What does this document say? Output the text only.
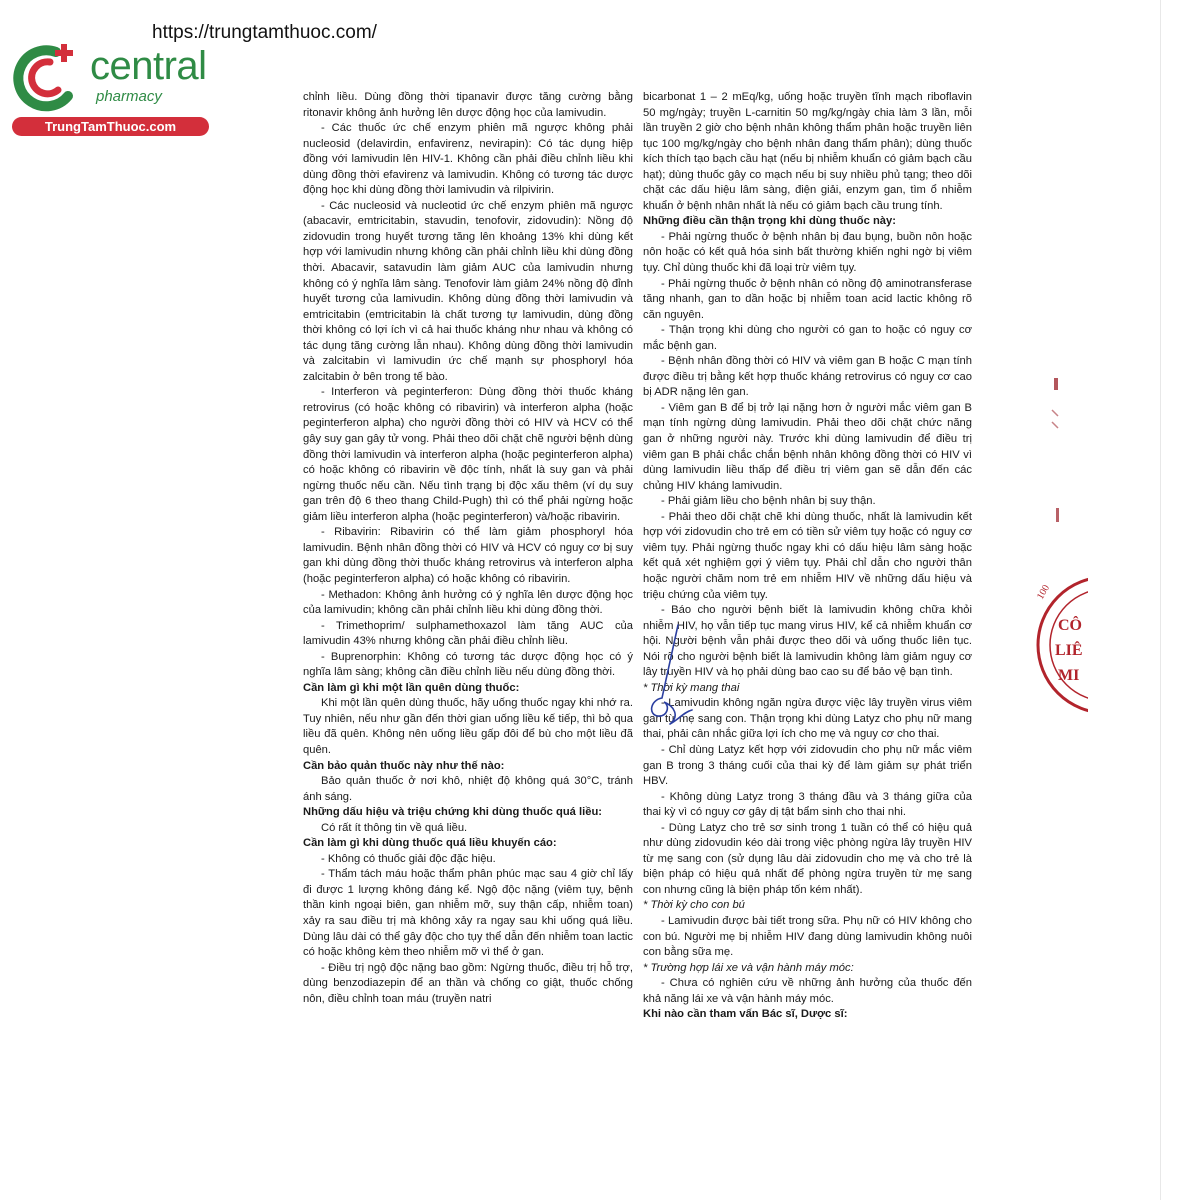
https://trungtamthuoc.com/
central
pharmacy
TrungTamThuoc.com

chỉnh liều. Dùng đồng thời tipanavir được tăng cường bằng ritonavir không ảnh hưởng lên dược động học của lamivudin.

- Các thuốc ức chế enzym phiên mã ngược không phải nucleosid (delavirdin, enfavirenz, nevirapin): Có tác dụng hiệp đồng với lamivudin lên HIV-1. Không cần phải điều chỉnh liều khi dùng đồng thời efavirenz và lamivudin. Không có tương tác dược động học khi dùng đồng thời lamivudin và rilpivirin.

- Các nucleosid và nucleotid ức chế enzym phiên mã ngược (abacavir, emtricitabin, stavudin, tenofovir, zidovudin): Nồng độ zidovudin trong huyết tương tăng lên khoảng 13% khi dùng kết hợp với lamivudin nhưng không cần phải chỉnh liều khi dùng đồng thời. Abacavir, satavudin làm giảm AUC của lamivudin nhưng không có ý nghĩa lâm sàng. Tenofovir làm giảm 24% nồng độ đỉnh huyết tương của lamivudin. Không dùng đồng thời lamivudin và emtricitabin (emtricitabin là chất tương tự lamivudin, dùng đồng thời không có lợi ích vì cả hai thuốc kháng như nhau và không có tác dụng tăng cường lẫn nhau). Không dùng đồng thời lamivudin và zalcitabin vì lamivudin ức chế mạnh sự phosphoryl hóa zalcitabin ở bên trong tế bào.

- Interferon và peginterferon: Dùng đồng thời thuốc kháng retrovirus (có hoặc không có ribavirin) và interferon alpha (hoặc peginterferon alpha) cho người đồng thời có HIV và HCV có thể gây suy gan gây tử vong. Phải theo dõi chặt chẽ người bệnh dùng đồng thời lamivudin và interferon alpha (hoặc peginterferon alpha) có hoặc không có ribavirin về độc tính, nhất là suy gan và phải ngừng thuốc nếu cần. Nếu tình trạng bị độc xấu thêm (ví dụ suy gan trên độ 6 theo thang Child-Pugh) thì có thể phải ngừng hoặc giảm liều interferon alpha (hoặc peginterferon) và/hoặc ribavirin.

- Ribavirin: Ribavirin có thể làm giảm phosphoryl hóa lamivudin. Bệnh nhân đồng thời có HIV và HCV có nguy cơ bị suy gan khi dùng đồng thời thuốc kháng retrovirus và interferon alpha (hoặc peginterferon alpha) có hoặc không có ribavirin.

- Methadon: Không ảnh hưởng có ý nghĩa lên dược động học của lamivudin; không cần phải chỉnh liều khi dùng đồng thời.

- Trimethoprim/ sulphamethoxazol làm tăng AUC của lamivudin 43% nhưng không cần phải điều chỉnh liều.

- Buprenorphin: Không có tương tác dược động học có ý nghĩa lâm sàng; không cần điều chỉnh liều nếu dùng đồng thời.

Cần làm gì khi một lần quên dùng thuốc:

Khi một lần quên dùng thuốc, hãy uống thuốc ngay khi nhớ ra. Tuy nhiên, nếu như gần đến thời gian uống liều kế tiếp, thì bỏ qua liều đã quên. Không nên uống liều gấp đôi để bù cho một liều đã quên.

Cần bảo quản thuốc này như thế nào:

Bảo quản thuốc ở nơi khô, nhiệt độ không quá 30°C, tránh ánh sáng.

Những dấu hiệu và triệu chứng khi dùng thuốc quá liều:

Có rất ít thông tin về quá liều.

Cần làm gì khi dùng thuốc quá liều khuyến cáo:

- Không có thuốc giải độc đặc hiệu.

- Thẩm tách máu hoặc thẩm phân phúc mạc sau 4 giờ chỉ lấy đi được 1 lượng không đáng kể. Ngộ độc nặng (viêm tụy, bệnh thần kinh ngoại biên, gan nhiễm mỡ, suy thận cấp, nhiễm toan) xảy ra sau điều trị mà không xảy ra ngay sau khi uống quá liều. Dùng lâu dài có thể gây độc cho tụy thể dẫn đến nhiễm toan lactic có hoặc không kèm theo nhiễm mỡ vì thể ở gan.

- Điều trị ngộ độc nặng bao gồm: Ngừng thuốc, điều trị hỗ trợ, dùng benzodiazepin để an thần và chống co giật, thuốc chống nôn, điều chỉnh toan máu (truyền natri

bicarbonat 1 – 2 mEq/kg, uống hoặc truyền tĩnh mạch riboflavin 50 mg/ngày; truyền L-carnitin 50 mg/kg/ngày chia làm 3 lần, mỗi lần truyền 2 giờ cho bệnh nhân không thẩm phân hoặc truyền liên tục 100 mg/kg/ngày cho bệnh nhân đang thẩm phân); dùng thuốc kích thích tạo bạch cầu hạt (nếu bị nhiễm khuẩn có giảm bạch cầu hạt); dùng thuốc gây co mạch nếu bị suy nhiều phủ tạng; theo dõi chặt các dấu hiệu lâm sàng, điện giải, enzym gan, tìm ổ nhiễm khuẩn ở bệnh nhân nhất là nếu có giảm bạch cầu trung tính.

Những điều cần thận trọng khi dùng thuốc này:

- Phải ngừng thuốc ở bệnh nhân bị đau bụng, buồn nôn hoặc nôn hoặc có kết quả hóa sinh bất thường khiến nghi ngờ bị viêm tụy. Chỉ dùng thuốc khi đã loại trừ viêm tụy.

- Phải ngừng thuốc ở bệnh nhân có nồng độ aminotransferase tăng nhanh, gan to dần hoặc bị nhiễm toan acid lactic không rõ căn nguyên.

- Thận trọng khi dùng cho người có gan to hoặc có nguy cơ mắc bệnh gan.

- Bệnh nhân đồng thời có HIV và viêm gan B hoặc C mạn tính được điều trị bằng kết hợp thuốc kháng retrovirus có nguy cơ cao bị ADR nặng lên gan.

- Viêm gan B để bị trở lại nặng hơn ở người mắc viêm gan B mạn tính ngừng dùng lamivudin. Phải theo dõi chặt chức năng gan ở những người này. Trước khi dùng lamivudin để điều trị viêm gan B phải chắc chắn bệnh nhân không đồng thời có HIV vì dùng lamivudin liều thấp để điều trị viêm gan sẽ dẫn đến các chủng HIV kháng lamivudin.

- Phải giảm liều cho bệnh nhân bị suy thận.

- Phải theo dõi chặt chẽ khi dùng thuốc, nhất là lamivudin kết hợp với zidovudin cho trẻ em có tiền sử viêm tụy hoặc có nguy cơ viêm tụy. Phải ngừng thuốc ngay khi có dấu hiệu lâm sàng hoặc kết quả xét nghiệm gợi ý viêm tụy. Phải chỉ dẫn cho người thân hoặc người chăm nom trẻ em nhiễm HIV về những dấu hiệu và triệu chứng của viêm tụy.

- Báo cho người bệnh biết là lamivudin không chữa khỏi nhiễm HIV, họ vẫn tiếp tục mang virus HIV, kể cả nhiễm khuẩn cơ hội. Người bệnh vẫn phải được theo dõi và uống thuốc liên tục. Nói rõ cho người bệnh biết là lamivudin không làm giảm nguy cơ lây truyền HIV và họ phải dùng bao cao su để bảo vệ bạn tình.

* Thời kỳ mang thai

- Lamivudin không ngăn ngừa được việc lây truyền virus viêm gan từ mẹ sang con. Thận trọng khi dùng Latyz cho phụ nữ mang thai, phải cân nhắc giữa lợi ích cho mẹ và nguy cơ cho thai.

- Chỉ dùng Latyz kết hợp với zidovudin cho phụ nữ mắc viêm gan B trong 3 tháng cuối của thai kỳ để làm giảm sự phát triển HBV.

- Không dùng Latyz trong 3 tháng đầu và 3 tháng giữa của thai kỳ vì có nguy cơ gây dị tật bẩm sinh cho thai nhi.

- Dùng Latyz cho trẻ sơ sinh trong 1 tuần có thể có hiệu quả như dùng zidovudin kéo dài trong việc phòng ngừa lây truyền HIV từ mẹ sang con (sử dụng lâu dài zidovudin cho mẹ và cho trẻ là biện pháp có hiệu quả nhất để phòng ngừa truyền từ mẹ sang con nhưng cũng là biện pháp tốn kém nhất).

* Thời kỳ cho con bú

- Lamivudin được bài tiết trong sữa. Phụ nữ có HIV không cho con bú. Người mẹ bị nhiễm HIV đang dùng lamivudin không nuôi con bằng sữa mẹ.

* Trường hợp lái xe và vận hành máy móc:

- Chưa có nghiên cứu về những ảnh hưởng của thuốc đến khả năng lái xe và vận hành máy móc.

Khi nào cần tham vấn Bác sĩ, Dược sĩ:
100
CÔ
LIÊ
MI
